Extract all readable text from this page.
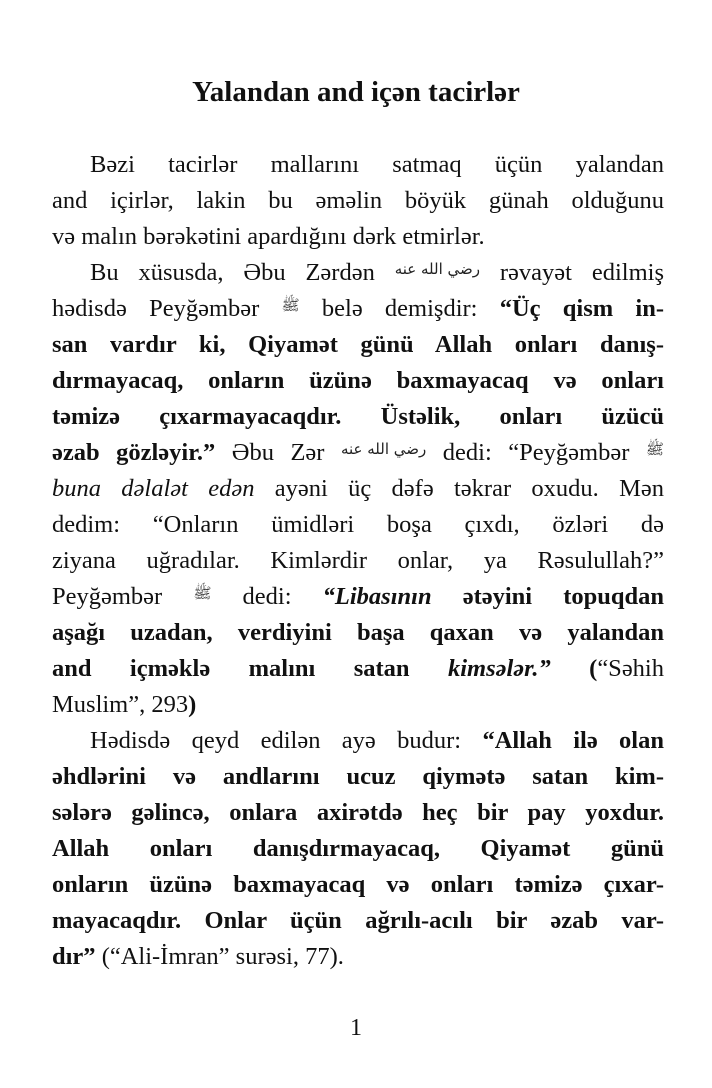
Yalandan and içən tacirlər
Bəzi tacirlər mallarını satmaq üçün yalandan
and içirlər, lakin bu əməlin böyük günah olduğunu
və malın bərəkətini apardığını dərk etmirlər.
Bu xüsusda, Əbu Zərdən رضي الله عنه rəvayət edilmiş
hədisdə Peyğəmbər ﷺ belə demişdir: “Üç qism in-
san vardır ki, Qiyamət günü Allah onları danış-
dırmayacaq, onların üzünə baxmayacaq və onları
təmizə çıxarmayacaqdır. Üstəlik, onları üzücü
əzab gözləyir.” Əbu Zər رضي الله عنه dedi: “Peyğəmbər ﷺ
buna dəlalət edən ayəni üç dəfə təkrar oxudu. Mən
dedim: “Onların ümidləri boşa çıxdı, özləri də
ziyana uğradılar. Kimlərdir onlar, ya Rəsulullah?”
Peyğəmbər ﷺ dedi: “Libasının ətəyini topuqdan
aşağı uzadan, verdiyini başa qaxan və yalandan
and içməklə malını satan kimsələr.” (“Səhih
Muslim”, 293)
Hədisdə qeyd edilən ayə budur: “Allah ilə olan
əhdlərini və andlarını ucuz qiymətə satan kim-
sələrə gəlincə, onlara axirətdə heç bir pay yoxdur.
Allah onları danışdırmayacaq, Qiyamət günü
onların üzünə baxmayacaq və onları təmizə çıxar-
mayacaqdır. Onlar üçün ağrılı-acılı bir əzab var-
dır” (“Ali-İmran” surəsi, 77).
1
